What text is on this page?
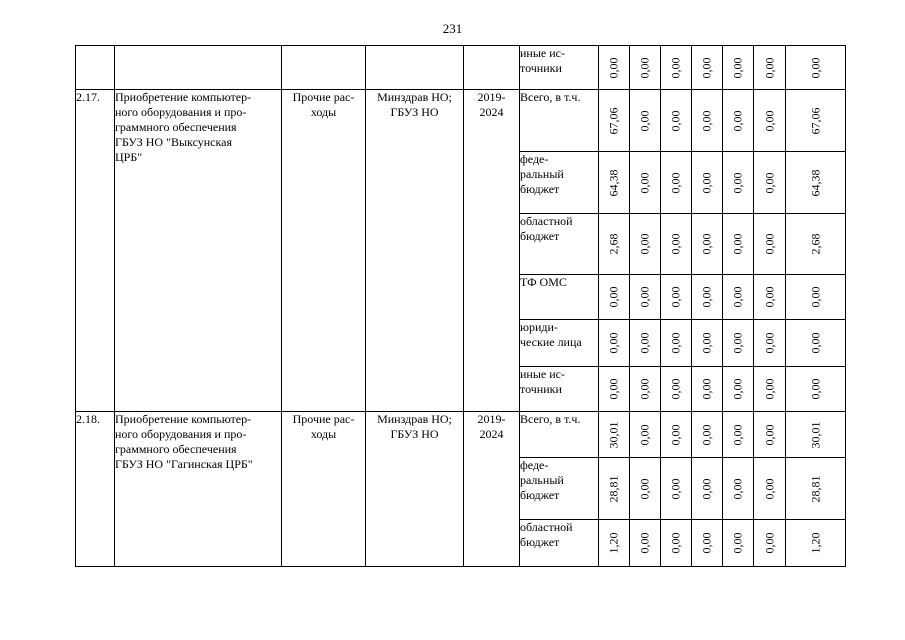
231
					иные ис-
точники	0,00	0,00	0,00	0,00	0,00	0,00	0,00

2.17.	Приобретение компьютер-
ного оборудования и про-
граммного обеспечения
ГБУЗ НО "Выксунская
ЦРБ"	Прочие рас-
ходы	Минздрав НО;
ГБУЗ НО	2019-
2024	Всего, в т.ч.	67,06	0,00	0,00	0,00	0,00	0,00	67,06

					феде-
ральный
бюджет	64,38	0,00	0,00	0,00	0,00	0,00	64,38

					областной
бюджет	2,68	0,00	0,00	0,00	0,00	0,00	2,68

					ТФ ОМС	0,00	0,00	0,00	0,00	0,00	0,00	0,00

					юриди-
ческие лица	0,00	0,00	0,00	0,00	0,00	0,00	0,00

					иные ис-
точники	0,00	0,00	0,00	0,00	0,00	0,00	0,00

2.18.	Приобретение компьютер-
ного оборудования и про-
граммного обеспечения
ГБУЗ НО "Гагинская ЦРБ"	Прочие рас-
ходы	Минздрав НО;
ГБУЗ НО	2019-
2024	Всего, в т.ч.	30,01	0,00	0,00	0,00	0,00	0,00	30,01

					феде-
ральный
бюджет	28,81	0,00	0,00	0,00	0,00	0,00	28,81

					областной
бюджет	1,20	0,00	0,00	0,00	0,00	0,00	1,20
